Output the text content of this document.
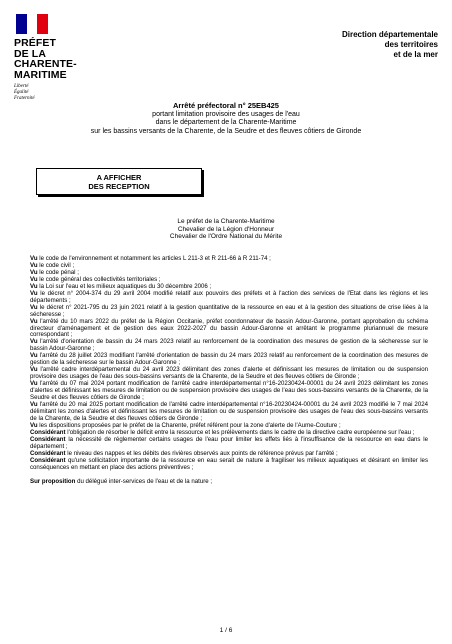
PRÉFET
DE LA
CHARENTE-
MARITIME
Liberté
Égalité
Fraternité
Direction départementale
des territoires
et de la mer
Arrêté préfectoral n° 25EB425
portant limitation provisoire des usages de l'eau
dans le département de la Charente-Maritime
sur les bassins versants de la Charente, de la Seudre et des fleuves côtiers de Gironde
A AFFICHER
DES RECEPTION
Le préfet de la Charente-Maritime
Chevalier de la Légion d'Honneur
Chevalier de l'Ordre National du Mérite

Vu le code de l'environnement et notamment les articles L 211-3 et R 211-66 à R 211-74 ;

Vu le code civil ;

Vu le code pénal ;

Vu le code général des collectivités territoriales ;

Vu la Loi sur l'eau et les milieux aquatiques du 30 décembre 2006 ;

Vu le décret n° 2004-374 du 29 avril 2004 modifié relatif aux pouvoirs des préfets et à l'action des services de l'Etat dans les régions et les départements ;

Vu le décret n° 2021-795 du 23 juin 2021 relatif à la gestion quantitative de la ressource en eau et à la gestion des situations de crise liées à la sécheresse ;

Vu l'arrêté du 10 mars 2022 du préfet de la Région Occitanie, préfet coordonnateur de bassin Adour-Garonne, portant approbation du schéma directeur d'aménagement et de gestion des eaux 2022-2027 du bassin Adour-Garonne et arrêtant le programme pluriannuel de mesure correspondant ;

Vu l'arrêté d'orientation de bassin du 24 mars 2023 relatif au renforcement de la coordination des mesures de gestion de la sécheresse sur le bassin Adour-Garonne ;

Vu l'arrêté du 28 juillet 2023 modifiant l'arrêté d'orientation de bassin du 24 mars 2023 relatif au renforcement de la coordination des mesures de gestion de la sécheresse sur le bassin Adour-Garonne ;

Vu l'arrêté cadre interdépartemental du 24 avril 2023 délimitant des zones d'alerte et définissant les mesures de limitation ou de suspension provisoire des usages de l'eau des sous-bassins versants de la Charente, de la Seudre et des fleuves côtiers de Gironde ;

Vu l'arrêté du 07 mai 2024 portant modification de l'arrêté cadre interdépartemental n°16-20230424-00001 du 24 avril 2023 délimitant les zones d'alertes et définissant les mesures de limitation ou de suspension provisoire des usages de l'eau des sous-bassins versants de la Charente, de la Seudre et des fleuves côtiers de Gironde ;

Vu l'arrêté du 20 mai 2025 portant modification de l'arrêté cadre interdépartemental n°16-20230424-00001 du 24 avril 2023 modifié le 7 mai 2024 délimitant les zones d'alertes et définissant les mesures de limitation ou de suspension provisoire des usages de l'eau des sous-bassins versants de la Charente, de la Seudre et des fleuves côtiers de Gironde ;

Vu les dispositions proposées par le préfet de la Charente, préfet référent pour la zone d'alerte de l'Aume-Couture ;

Considérant l'obligation de résorber le déficit entre la ressource et les prélèvements dans le cadre de la directive cadre européenne sur l'eau ;

Considérant la nécessité de réglementer certains usages de l'eau pour limiter les effets liés à l'insuffisance de la ressource en eau dans le département ;

Considérant le niveau des nappes et les débits des rivières observés aux points de référence prévus par l'arrêté ;

Considérant qu'une sollicitation importante de la ressource en eau serait de nature à fragiliser les milieux aquatiques et désirant en limiter les conséquences en mettant en place des actions préventives ;

Sur proposition du délégué inter-services de l'eau et de la nature ;

1 / 6
